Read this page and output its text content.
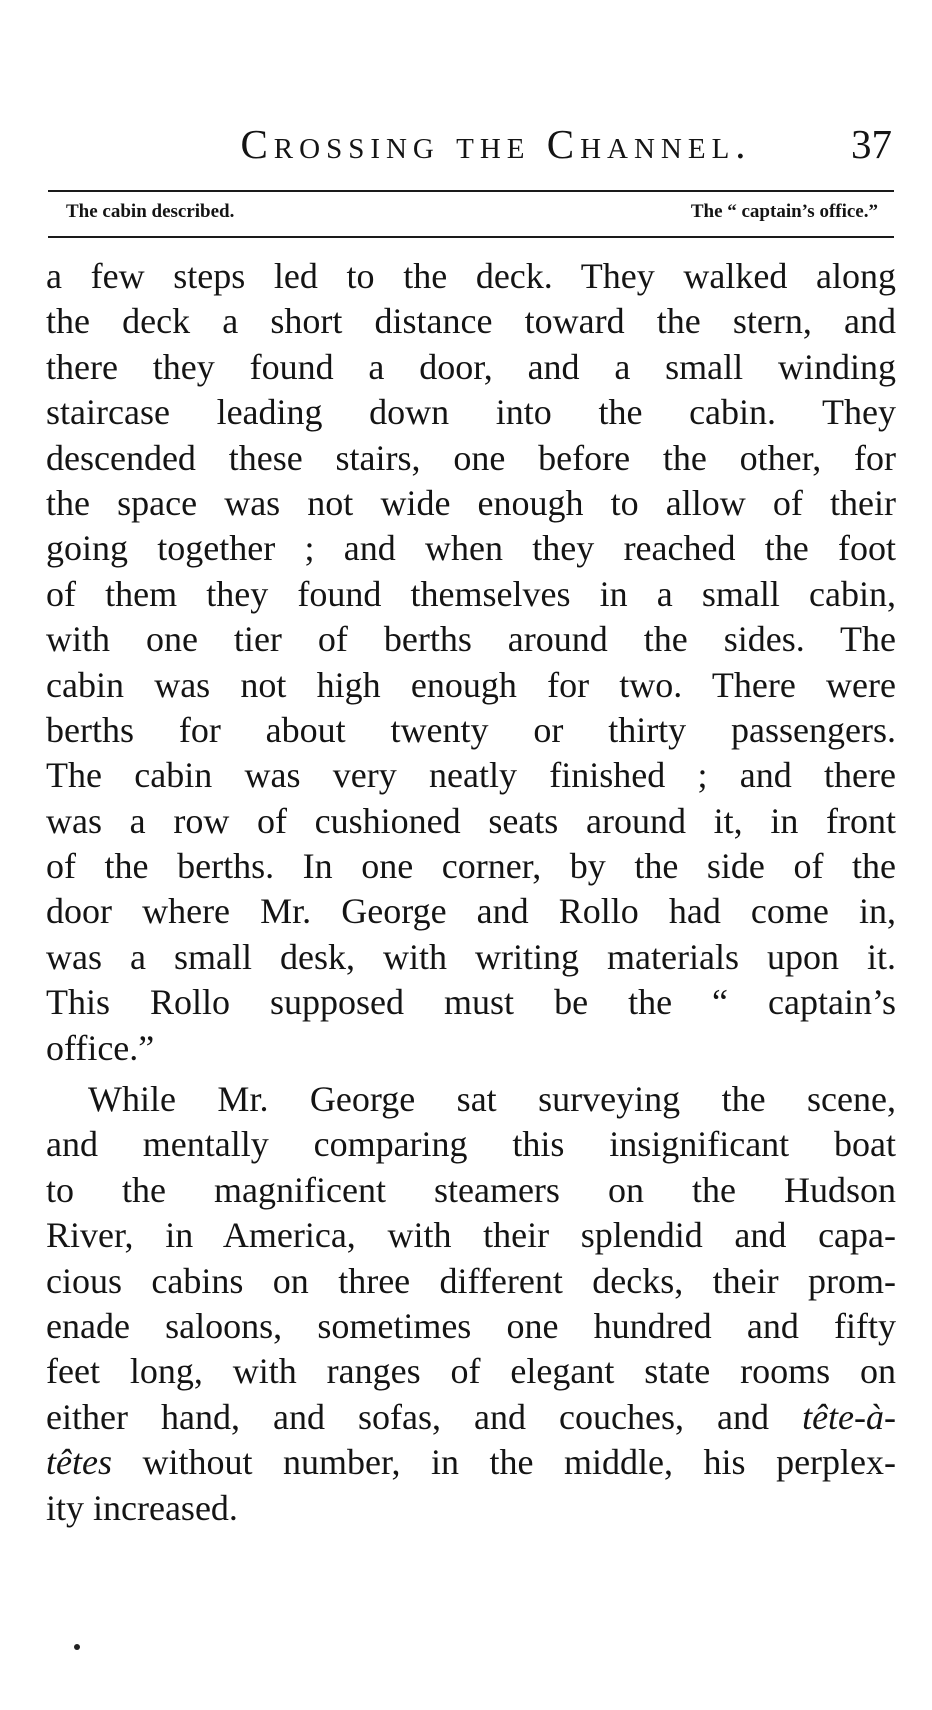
Crossing the Channel.	37
The cabin described.	The “ captain’s office.”
a few steps led to the deck. They walked along
the deck a short distance toward the stern, and
there they found a door, and a small winding
staircase leading down into the cabin. They
descended these stairs, one before the other, for
the space was not wide enough to allow of their
going together ; and when they reached the foot
of them they found themselves in a small cabin,
with one tier of berths around the sides. The
cabin was not high enough for two. There were
berths for about twenty or thirty passengers.
The cabin was very neatly finished ; and there
was a row of cushioned seats around it, in front
of the berths. In one corner, by the side of the
door where Mr. George and Rollo had come in,
was a small desk, with writing materials upon it.
This Rollo supposed must be the “ captain’s
office.”
While Mr. George sat surveying the scene,
and mentally comparing this insignificant boat
to the magnificent steamers on the Hudson
River, in America, with their splendid and capa-
cious cabins on three different decks, their prom-
enade saloons, sometimes one hundred and fifty
feet long, with ranges of elegant state rooms on
either hand, and sofas, and couches, and tête-à-
têtes without number, in the middle, his perplex-
ity increased.
